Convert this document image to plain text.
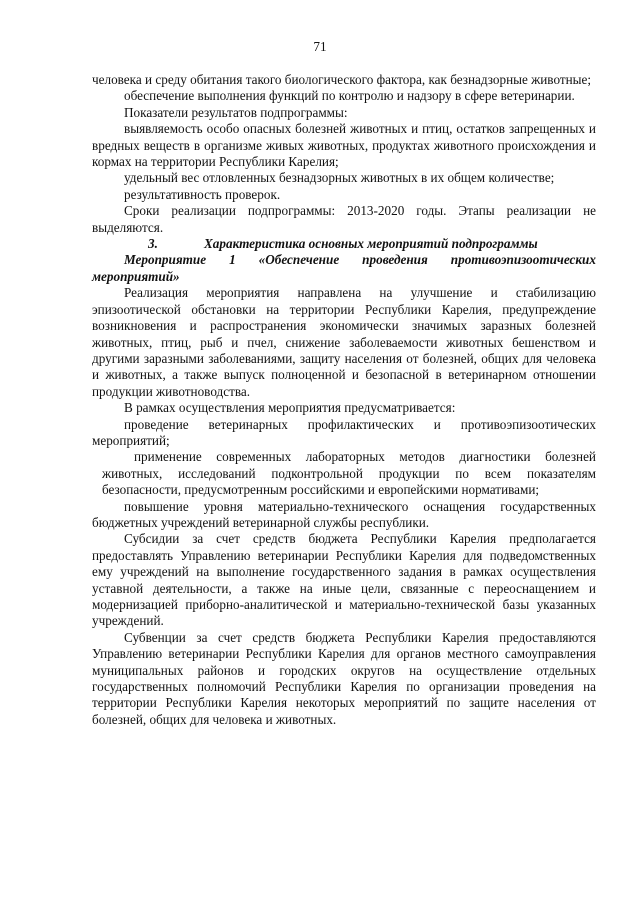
71

человека и среду обитания такого биологического фактора, как безнадзорные животные;

обеспечение выполнения функций по контролю и надзору в сфере ветеринарии.

Показатели результатов подпрограммы:

выявляемость особо опасных болезней животных и птиц, остатков запрещенных и вредных веществ в организме живых животных, продуктах животного происхождения и кормах на территории Республики Карелия;

удельный вес отловленных безнадзорных животных в их общем количестве;

результативность проверок.

Сроки реализации подпрограммы: 2013-2020 годы. Этапы реализации не выделяются.

3.	Характеристика основных мероприятий подпрограммы

Мероприятие 1 «Обеспечение проведения противоэпизоотических мероприятий»

Реализация мероприятия направлена на улучшение и стабилизацию эпизоотической обстановки на территории Республики Карелия, предупреждение возникновения и распространения экономически значимых заразных болезней животных, птиц, рыб и пчел, снижение заболеваемости животных бешенством и другими заразными заболеваниями, защиту населения от болезней, общих для человека и животных, а также выпуск полноценной и безопасной в ветеринарном отношении продукции животноводства.

В рамках осуществления мероприятия предусматривается:

проведение ветеринарных профилактических и противоэпизоотических мероприятий;

применение современных лабораторных методов диагностики болезней животных, исследований подконтрольной продукции по всем показателям безопасности, предусмотренным российскими и европейскими нормативами;

повышение уровня материально-технического оснащения государственных бюджетных учреждений ветеринарной службы республики.

Субсидии за счет средств бюджета Республики Карелия предполагается предоставлять Управлению ветеринарии Республики Карелия для подведомственных ему учреждений на выполнение государственного задания в рамках осуществления уставной деятельности, а также на иные цели, связанные с переоснащением и модернизацией приборно-аналитической и материально-технической базы указанных учреждений.

Субвенции за счет средств бюджета Республики Карелия предоставляются Управлению ветеринарии Республики Карелия для органов местного самоуправления муниципальных районов и городских округов на осуществление отдельных государственных полномочий Республики Карелия по организации проведения на территории Республики Карелия некоторых мероприятий по защите населения от болезней, общих для человека и животных.
